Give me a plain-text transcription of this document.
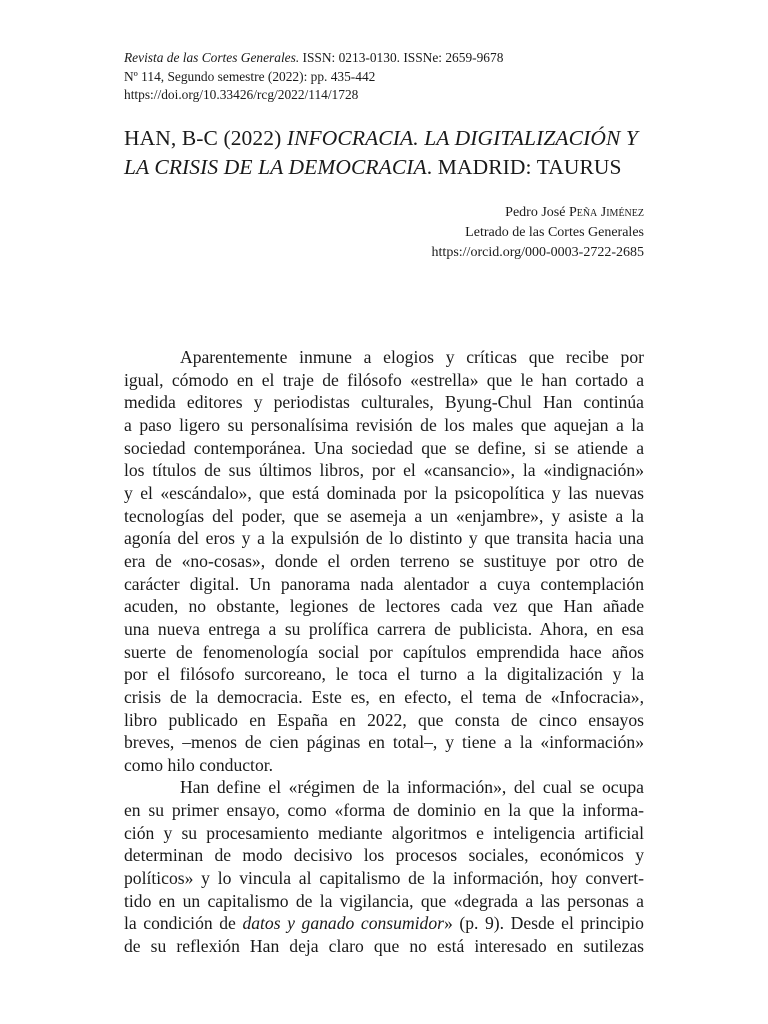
Revista de las Cortes Generales. ISSN: 0213-0130. ISSNe: 2659-9678
Nº 114, Segundo semestre (2022): pp. 435-442
https://doi.org/10.33426/rcg/2022/114/1728
HAN, B-C (2022) INFOCRACIA. LA DIGITALIZACIÓN Y
LA CRISIS DE LA DEMOCRACIA. MADRID: TAURUS
Pedro José Peña Jiménez
Letrado de las Cortes Generales
https://orcid.org/000-0003-2722-2685
Aparentemente inmune a elogios y críticas que recibe por
igual, cómodo en el traje de filósofo «estrella» que le han cortado a
medida editores y periodistas culturales, Byung-Chul Han continúa
a paso ligero su personalísima revisión de los males que aquejan a la
sociedad contemporánea. Una sociedad que se define, si se atiende a
los títulos de sus últimos libros, por el «cansancio», la «indignación»
y el «escándalo», que está dominada por la psicopolítica y las nuevas
tecnologías del poder, que se asemeja a un «enjambre», y asiste a la
agonía del eros y a la expulsión de lo distinto y que transita hacia una
era de «no-cosas», donde el orden terreno se sustituye por otro de
carácter digital. Un panorama nada alentador a cuya contemplación
acuden, no obstante, legiones de lectores cada vez que Han añade
una nueva entrega a su prolífica carrera de publicista. Ahora, en esa
suerte de fenomenología social por capítulos emprendida hace años
por el filósofo surcoreano, le toca el turno a la digitalización y la
crisis de la democracia. Este es, en efecto, el tema de «Infocracia»,
libro publicado en España en 2022, que consta de cinco ensayos
breves, –menos de cien páginas en total–, y tiene a la «información»
como hilo conductor.
Han define el «régimen de la información», del cual se ocupa
en su primer ensayo, como «forma de dominio en la que la informa-
ción y su procesamiento mediante algoritmos e inteligencia artificial
determinan de modo decisivo los procesos sociales, económicos y
políticos» y lo vincula al capitalismo de la información, hoy convert-
tido en un capitalismo de la vigilancia, que «degrada a las personas a
la condición de datos y ganado consumidor» (p. 9). Desde el principio
de su reflexión Han deja claro que no está interesado en sutilezas
